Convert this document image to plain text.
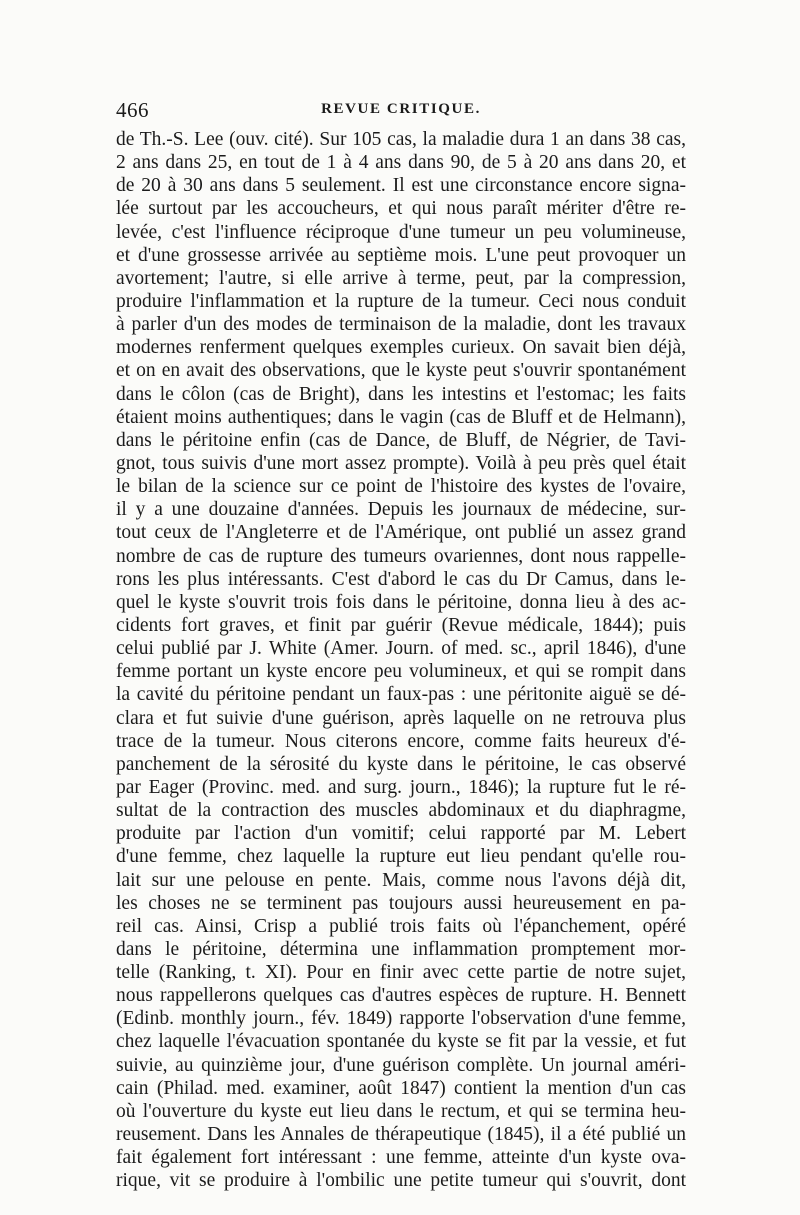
466	REVUE CRITIQUE.
de Th.-S. Lee (ouv. cité). Sur 105 cas, la maladie dura 1 an dans 38 cas,
2 ans dans 25, en tout de 1 à 4 ans dans 90, de 5 à 20 ans dans 20, et
de 20 à 30 ans dans 5 seulement. Il est une circonstance encore signa-
lée surtout par les accoucheurs, et qui nous paraît mériter d'être re-
levée, c'est l'influence réciproque d'une tumeur un peu volumineuse,
et d'une grossesse arrivée au septième mois. L'une peut provoquer un
avortement; l'autre, si elle arrive à terme, peut, par la compression,
produire l'inflammation et la rupture de la tumeur. Ceci nous conduit
à parler d'un des modes de terminaison de la maladie, dont les travaux
modernes renferment quelques exemples curieux. On savait bien déjà,
et on en avait des observations, que le kyste peut s'ouvrir spontanément
dans le côlon (cas de Bright), dans les intestins et l'estomac; les faits
étaient moins authentiques; dans le vagin (cas de Bluff et de Helmann),
dans le péritoine enfin (cas de Dance, de Bluff, de Négrier, de Tavi-
gnot, tous suivis d'une mort assez prompte). Voilà à peu près quel était
le bilan de la science sur ce point de l'histoire des kystes de l'ovaire,
il y a une douzaine d'années. Depuis les journaux de médecine, sur-
tout ceux de l'Angleterre et de l'Amérique, ont publié un assez grand
nombre de cas de rupture des tumeurs ovariennes, dont nous rappelle-
rons les plus intéressants. C'est d'abord le cas du Dr Camus, dans le-
quel le kyste s'ouvrit trois fois dans le péritoine, donna lieu à des ac-
cidents fort graves, et finit par guérir (Revue médicale, 1844); puis
celui publié par J. White (Amer. Journ. of med. sc., april 1846), d'une
femme portant un kyste encore peu volumineux, et qui se rompit dans
la cavité du péritoine pendant un faux-pas : une péritonite aiguë se dé-
clara et fut suivie d'une guérison, après laquelle on ne retrouva plus
trace de la tumeur. Nous citerons encore, comme faits heureux d'é-
panchement de la sérosité du kyste dans le péritoine, le cas observé
par Eager (Provinc. med. and surg. journ., 1846); la rupture fut le ré-
sultat de la contraction des muscles abdominaux et du diaphragme,
produite par l'action d'un vomitif; celui rapporté par M. Lebert
d'une femme, chez laquelle la rupture eut lieu pendant qu'elle rou-
lait sur une pelouse en pente. Mais, comme nous l'avons déjà dit,
les choses ne se terminent pas toujours aussi heureusement en pa-
reil cas. Ainsi, Crisp a publié trois faits où l'épanchement, opéré
dans le péritoine, détermina une inflammation promptement mor-
telle (Ranking, t. XI). Pour en finir avec cette partie de notre sujet,
nous rappellerons quelques cas d'autres espèces de rupture. H. Bennett
(Edinb. monthly journ., fév. 1849) rapporte l'observation d'une femme,
chez laquelle l'évacuation spontanée du kyste se fit par la vessie, et fut
suivie, au quinzième jour, d'une guérison complète. Un journal améri-
cain (Philad. med. examiner, août 1847) contient la mention d'un cas
où l'ouverture du kyste eut lieu dans le rectum, et qui se termina heu-
reusement. Dans les Annales de thérapeutique (1845), il a été publié un
fait également fort intéressant : une femme, atteinte d'un kyste ova-
rique, vit se produire à l'ombilic une petite tumeur qui s'ouvrit, dont
